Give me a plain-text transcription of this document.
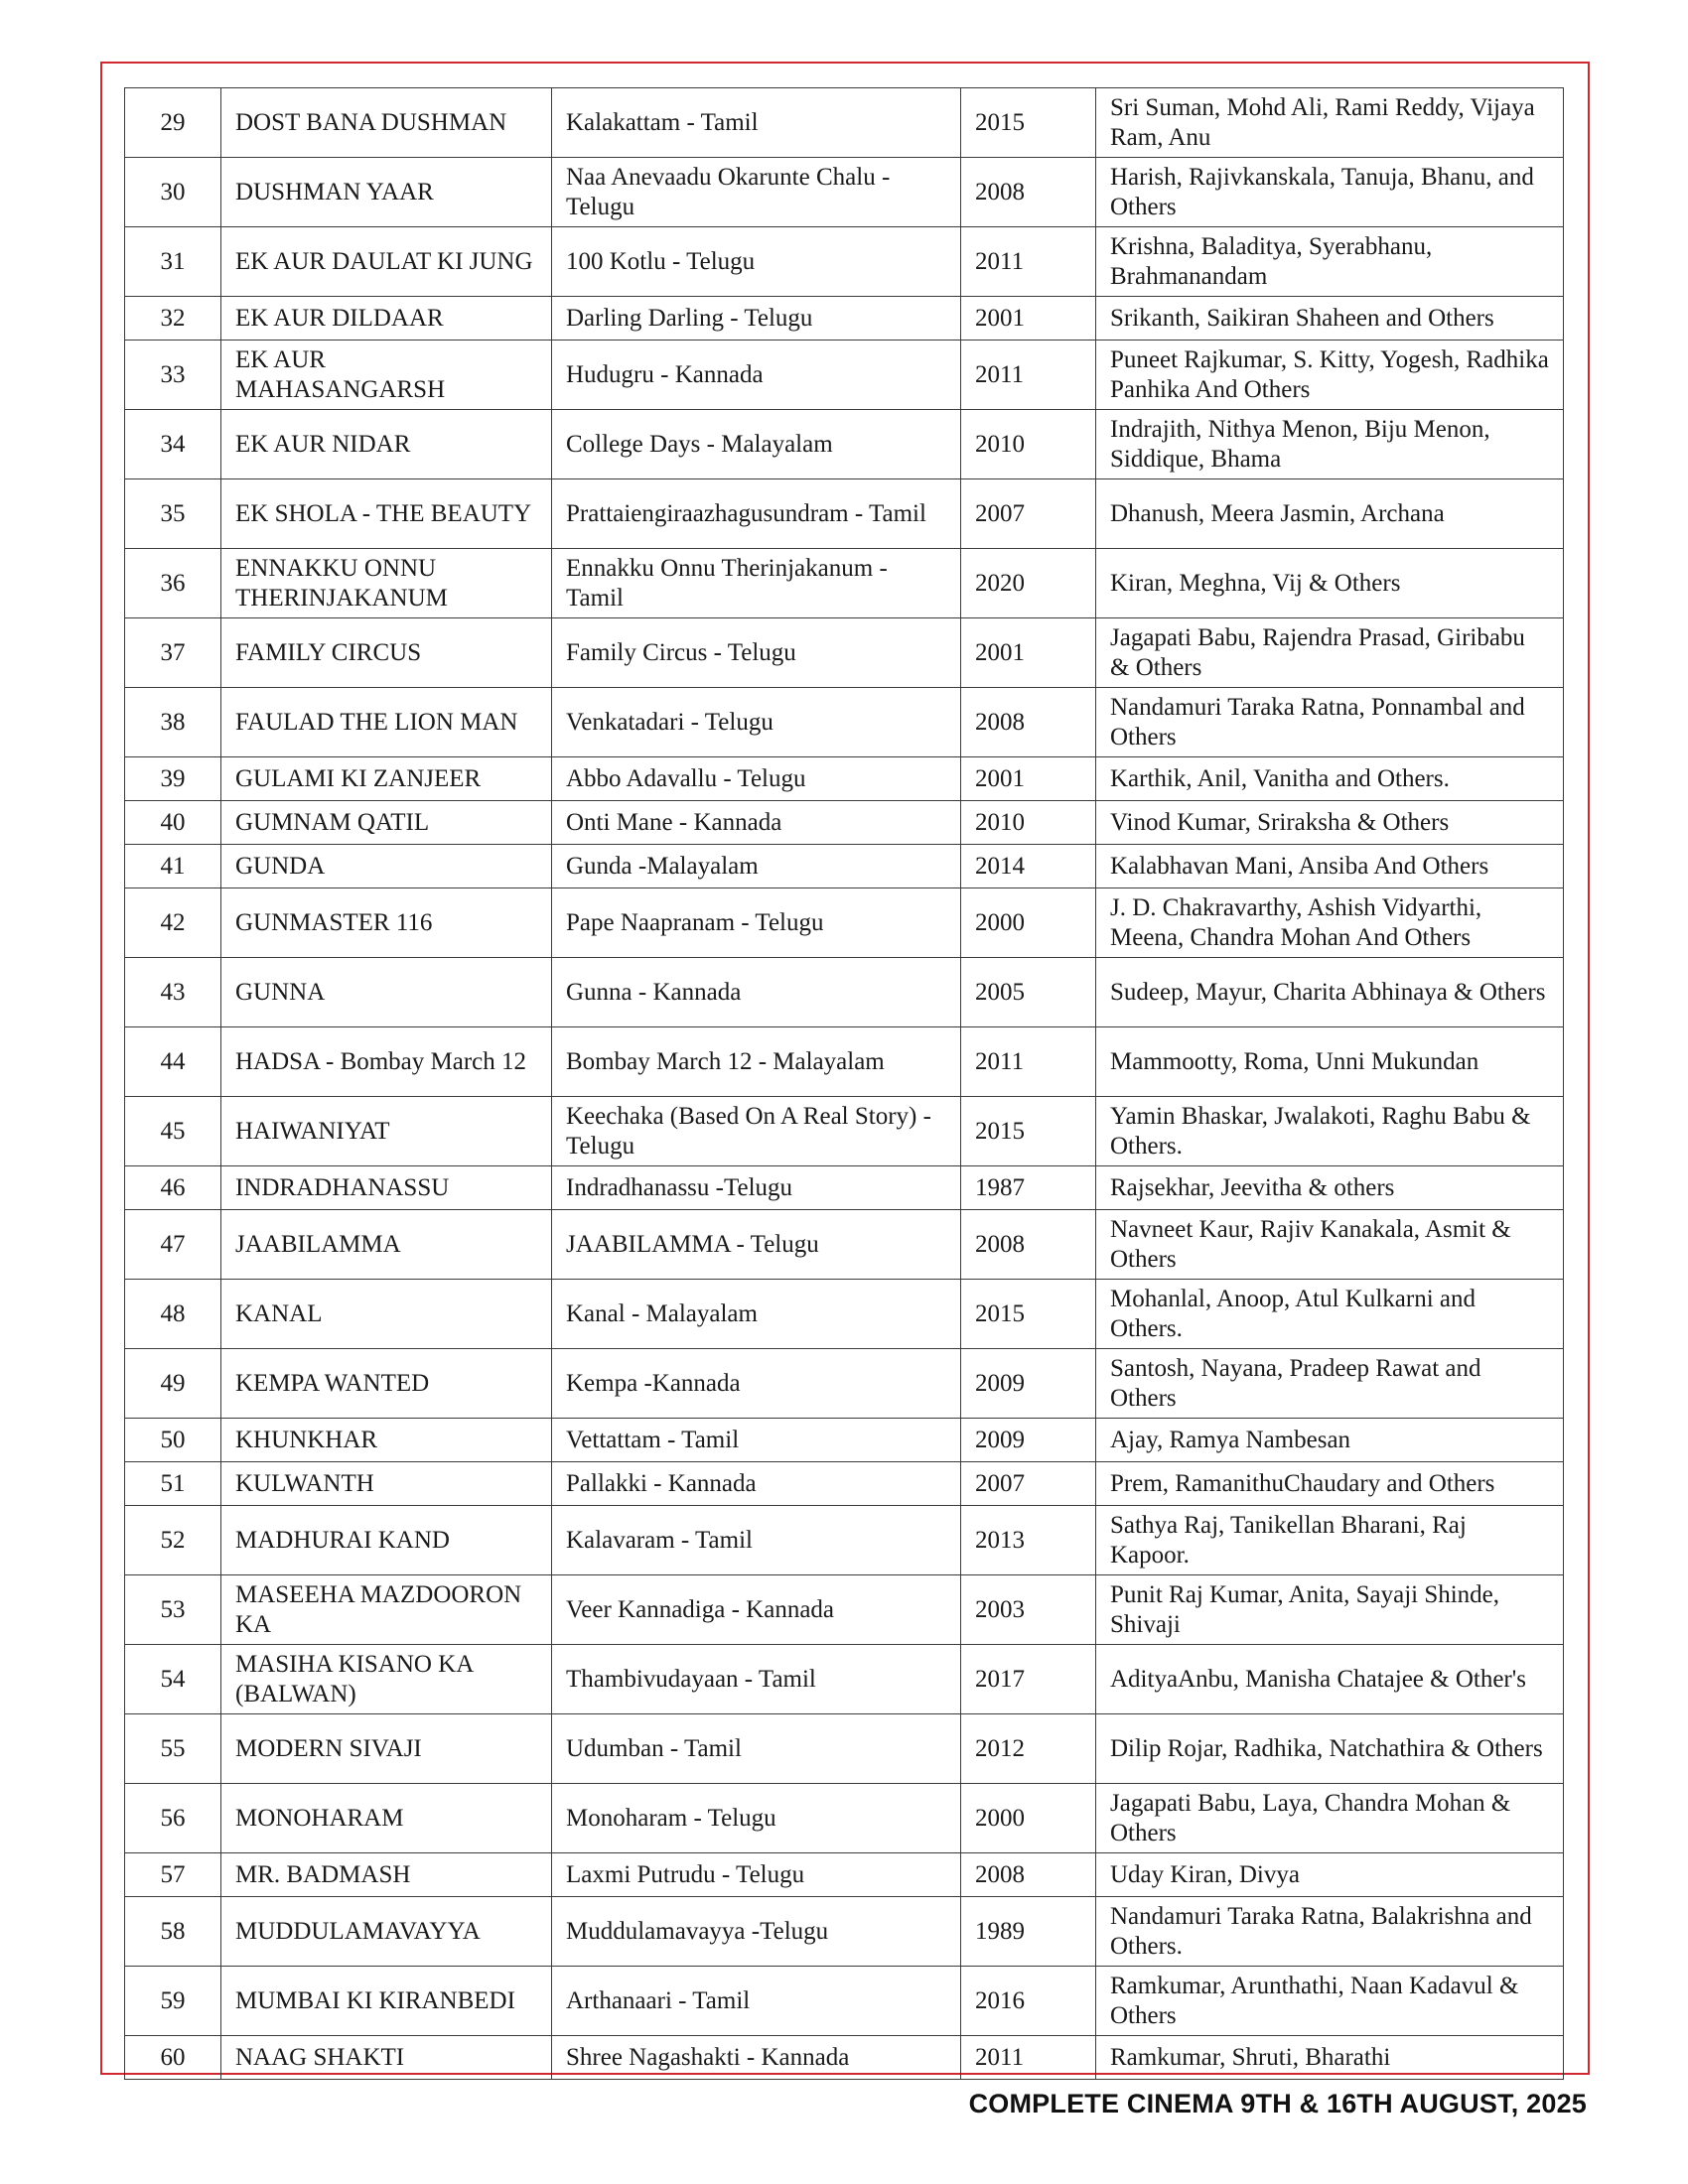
29	DOST BANA DUSHMAN	Kalakattam - Tamil	2015	Sri Suman, Mohd Ali, Rami Reddy, Vijaya Ram, Anu
30	DUSHMAN YAAR	Naa Anevaadu Okarunte Chalu - Telugu	2008	Harish, Rajivkanskala, Tanuja, Bhanu, and Others
31	EK AUR DAULAT KI JUNG	100 Kotlu - Telugu	2011	Krishna, Baladitya, Syerabhanu, Brahmanandam
32	EK AUR DILDAAR	Darling Darling - Telugu	2001	Srikanth, Saikiran Shaheen and Others
33	EK AUR MAHASANGARSH	Hudugru - Kannada	2011	Puneet Rajkumar, S. Kitty, Yogesh, Radhika Panhika And Others
34	EK AUR NIDAR	College Days - Malayalam	2010	Indrajith, Nithya Menon, Biju Menon, Siddique, Bhama
35	EK SHOLA - THE BEAUTY	Prattaiengiraazhagusundram - Tamil	2007	Dhanush, Meera Jasmin, Archana
36	ENNAKKU ONNU THERINJAKANUM	Ennakku Onnu Therinjakanum - Tamil	2020	Kiran, Meghna, Vij & Others
37	FAMILY CIRCUS	Family Circus - Telugu	2001	Jagapati Babu, Rajendra Prasad, Giribabu & Others
38	FAULAD THE LION MAN	Venkatadari - Telugu	2008	Nandamuri Taraka Ratna, Ponnambal and Others
39	GULAMI KI ZANJEER	Abbo Adavallu - Telugu	2001	Karthik, Anil, Vanitha and Others.
40	GUMNAM QATIL	Onti Mane - Kannada	2010	Vinod Kumar, Sriraksha & Others
41	GUNDA	Gunda -Malayalam	2014	Kalabhavan Mani, Ansiba And Others
42	GUNMASTER 116	Pape Naapranam - Telugu	2000	J. D. Chakravarthy, Ashish Vidyarthi, Meena, Chandra Mohan And Others
43	GUNNA	Gunna - Kannada	2005	Sudeep, Mayur, Charita Abhinaya & Others
44	HADSA - Bombay March 12	Bombay March 12 - Malayalam	2011	Mammootty, Roma, Unni Mukundan
45	HAIWANIYAT	Keechaka (Based On A Real Story) - Telugu	2015	Yamin Bhaskar, Jwalakoti, Raghu Babu & Others.
46	INDRADHANASSU	Indradhanassu -Telugu	1987	Rajsekhar, Jeevitha & others
47	JAABILAMMA	JAABILAMMA - Telugu	2008	Navneet Kaur, Rajiv Kanakala, Asmit & Others
48	KANAL	Kanal - Malayalam	2015	Mohanlal, Anoop, Atul Kulkarni and Others.
49	KEMPA WANTED	Kempa -Kannada	2009	Santosh, Nayana, Pradeep Rawat and Others
50	KHUNKHAR	Vettattam - Tamil	2009	Ajay, Ramya Nambesan
51	KULWANTH	Pallakki - Kannada	2007	Prem, RamanithuChaudary and Others
52	MADHURAI KAND	Kalavaram - Tamil	2013	Sathya Raj, Tanikellan Bharani, Raj Kapoor.
53	MASEEHA MAZDOORON KA	Veer Kannadiga - Kannada	2003	Punit Raj Kumar, Anita, Sayaji Shinde, Shivaji
54	MASIHA KISANO KA (BALWAN)	Thambivudayaan - Tamil	2017	AdityaAnbu, Manisha Chatajee & Other's
55	MODERN SIVAJI	Udumban - Tamil	2012	Dilip Rojar, Radhika, Natchathira & Others
56	MONOHARAM	Monoharam - Telugu	2000	Jagapati Babu, Laya, Chandra Mohan & Others
57	MR. BADMASH	Laxmi Putrudu - Telugu	2008	Uday Kiran, Divya
58	MUDDULAMAVAYYA	Muddulamavayya -Telugu	1989	Nandamuri Taraka Ratna, Balakrishna and Others.
59	MUMBAI KI KIRANBEDI	Arthanaari - Tamil	2016	Ramkumar, Arunthathi, Naan Kadavul & Others
60	NAAG SHAKTI	Shree Nagashakti - Kannada	2011	Ramkumar, Shruti, Bharathi
COMPLETE CINEMA 9TH & 16TH AUGUST, 2025
